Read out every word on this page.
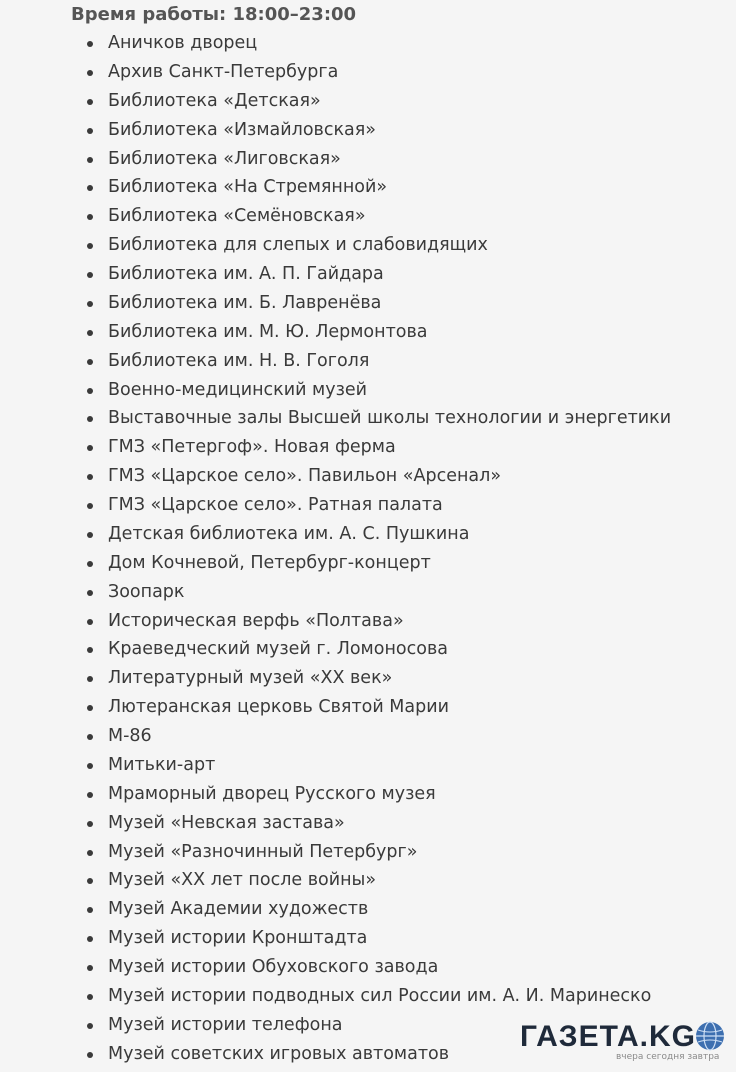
Время работы: 18:00–23:00
Аничков дворец
Архив Санкт-Петербурга
Библиотека «Детская»
Библиотека «Измайловская»
Библиотека «Лиговская»
Библиотека «На Стремянной»
Библиотека «Семёновская»
Библиотека для слепых и слабовидящих
Библиотека им. А. П. Гайдара
Библиотека им. Б. Лавренёва
Библиотека им. М. Ю. Лермонтова
Библиотека им. Н. В. Гоголя
Военно-медицинский музей
Выставочные залы Высшей школы технологии и энергетики
ГМЗ «Петергоф». Новая ферма
ГМЗ «Царское село». Павильон «Арсенал»
ГМЗ «Царское село». Ратная палата
Детская библиотека им. А. С. Пушкина
Дом Кочневой, Петербург-концерт
Зоопарк
Историческая верфь «Полтава»
Краеведческий музей г. Ломоносова
Литературный музей «ХХ век»
Лютеранская церковь Святой Марии
М-86
Митьки-арт
Мраморный дворец Русского музея
Музей «Невская застава»
Музей «Разночинный Петербург»
Музей «ХХ лет после войны»
Музей Академии художеств
Музей истории Кронштадта
Музей истории Обуховского завода
Музей истории подводных сил России им. А. И. Маринеско
Музей истории телефона
Музей советских игровых автоматов
ГАЗЕТА.KG
вчера сегодня завтра
